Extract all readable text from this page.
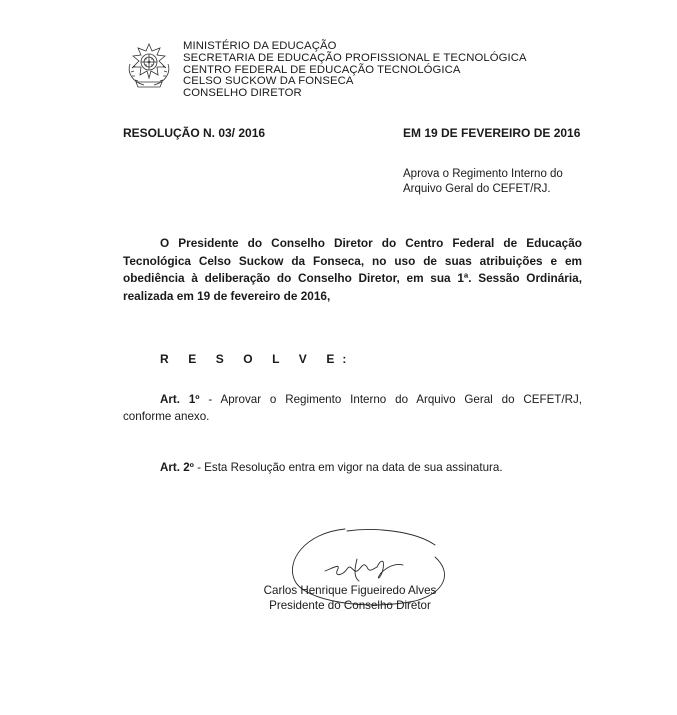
MINISTÉRIO DA EDUCAÇÃO
SECRETARIA DE EDUCAÇÃO PROFISSIONAL E TECNOLÓGICA
CENTRO FEDERAL DE EDUCAÇÃO TECNOLÓGICA
CELSO SUCKOW DA FONSECA
CONSELHO DIRETOR
RESOLUÇÃO N. 03/ 2016	EM 19 DE FEVEREIRO DE 2016
Aprova o Regimento Interno do
Arquivo Geral do CEFET/RJ.
O Presidente do Conselho Diretor do Centro Federal de Educação
Tecnológica Celso Suckow da Fonseca, no uso de suas atribuições e em
obediência à deliberação do Conselho Diretor, em sua 1ª. Sessão Ordinária,
realizada em 19 de fevereiro de 2016,
R E S O L V E:
Art. 1º - Aprovar o Regimento Interno do Arquivo Geral do CEFET/RJ,
conforme anexo.
Art. 2º - Esta Resolução entra em vigor na data de sua assinatura.
Carlos Henrique Figueiredo Alves
Presidente do Conselho Diretor
